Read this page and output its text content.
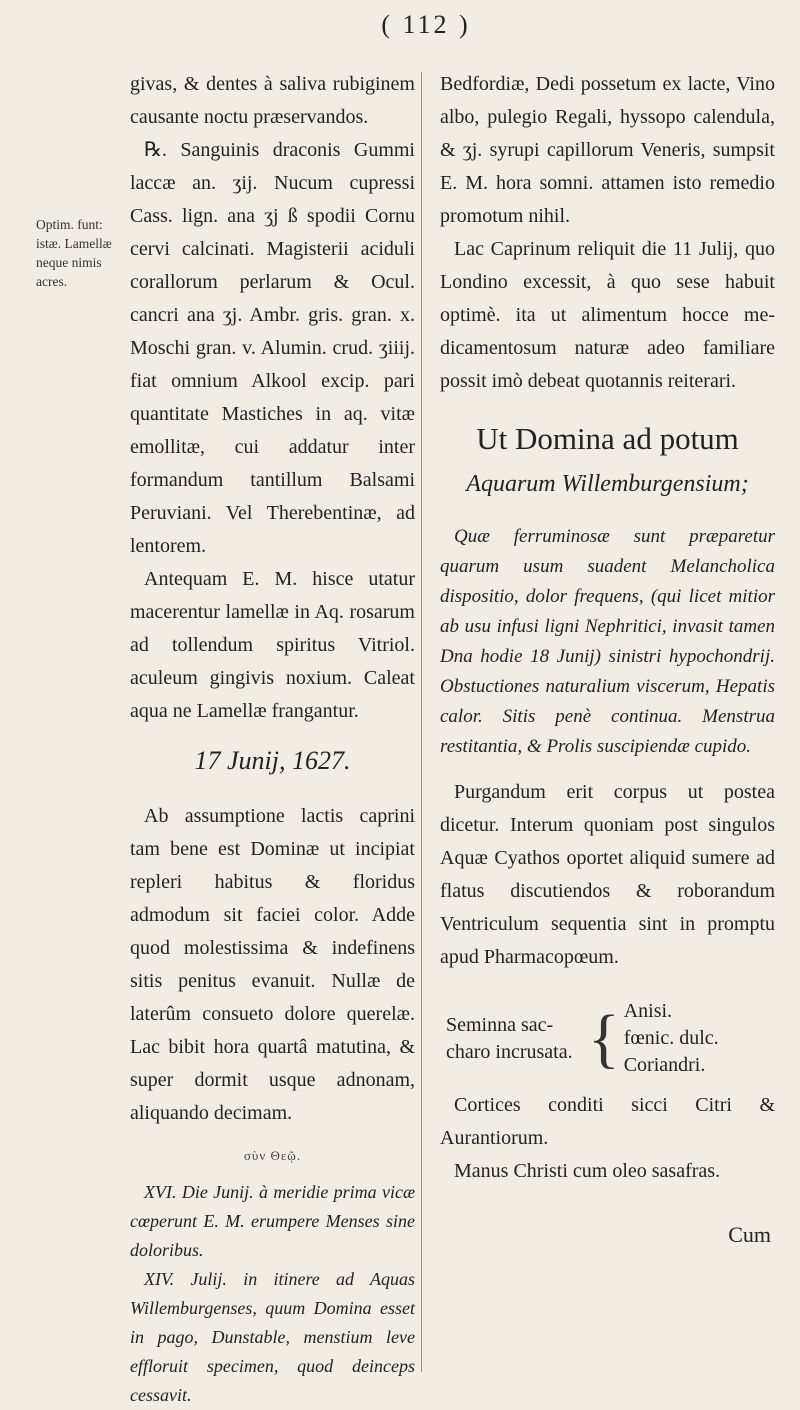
( 112 )
Optim. funt:
istæ. Lamellæ
neque nimis
acres.

givas, & dentes à saliva rubiginem causante noctu præservandos.

℞. Sanguinis draconis Gummi laccæ an. ʒij. Nucum cupressi Cass. lign. ana ʒj ß spodii Cornu cervi calcinati. Magisterii aciduli corallorum perlarum & Ocul. cancri ana ʒj. Ambr. gris. gran. x. Moschi gran. v. Alumin. crud. ʒiiij. fiat omnium Alkool excip. pari quantitate Mastiches in aq. vitæ emollitæ, cui addatur inter formandum tantillum Balsami Peruviani. Vel Therebentinæ, ad lentorem.

Antequam E. M. hisce utatur macerentur lamellæ in Aq. rosarum ad tollendum spiritus Vitriol. aculeum gingivis noxium. Caleat aqua ne Lamellæ frangantur.

17 Junij, 1627.

Ab assumptione lactis caprini tam bene est Dominæ ut incipiat repleri habitus & floridus admodum sit faciei color. Adde quod molestissima & indefinens sitis penitus evanuit. Nullæ de laterûm consueto dolore querelæ. Lac bibit hora quartâ matutina, & super dormit usque adnonam, aliquando decimam.

σὺν Θεῷ.

XVI. Die Junij. à meridie prima vicæ cœperunt E. M. erumpere Menses sine doloribus.

XIV. Julij. in itinere ad Aquas Willemburgenses, quum Domina esset in pago, Dunstable, menstium leve effloruit specimen, quod deinceps cessavit.

Bedfordiæ, Dedi possetum ex lacte, Vino albo, pulegio Regali, hyssopo calendula, & ʒj. syrupi capillorum Veneris, sumpsit E. M. hora somni. attamen isto remedio promotum nihil.

Lac Caprinum reliquit die 11 Julij, quo Londino excessit, à quo sese habuit optimè. ita ut alimentum hocce medicamentosum naturæ adeo familiare possit imò debeat quotannis reiterari.

Ut Domina ad potum
Aquarum Willemburgensium;

Quæ ferruminosæ sunt præparetur quarum usum suadent Melancholica dispositio, dolor frequens, (qui licet mitior ab usu infusi ligni Nephritici, invasit tamen Dna hodie 18 Junij) sinistri hypochondrij. Obstuctiones naturalium viscerum, Hepatis calor. Sitis penè continua. Menstrua restitantia, & Prolis suscipiendæ cupido.

Purgandum erit corpus ut postea dicetur. Interum quoniam post singulos Aquæ Cyathos oportet aliquid sumere ad flatus discutiendos & roborandum Ventriculum sequentia sint in promptu apud Pharmacopœum.

Seminna saccharo incrusata. { Anisi.
fœnic. dulc.
Coriandri.

Cortices conditi sicci Citri & Aurantiorum.

Manus Christi cum oleo sasafras.

Cum
